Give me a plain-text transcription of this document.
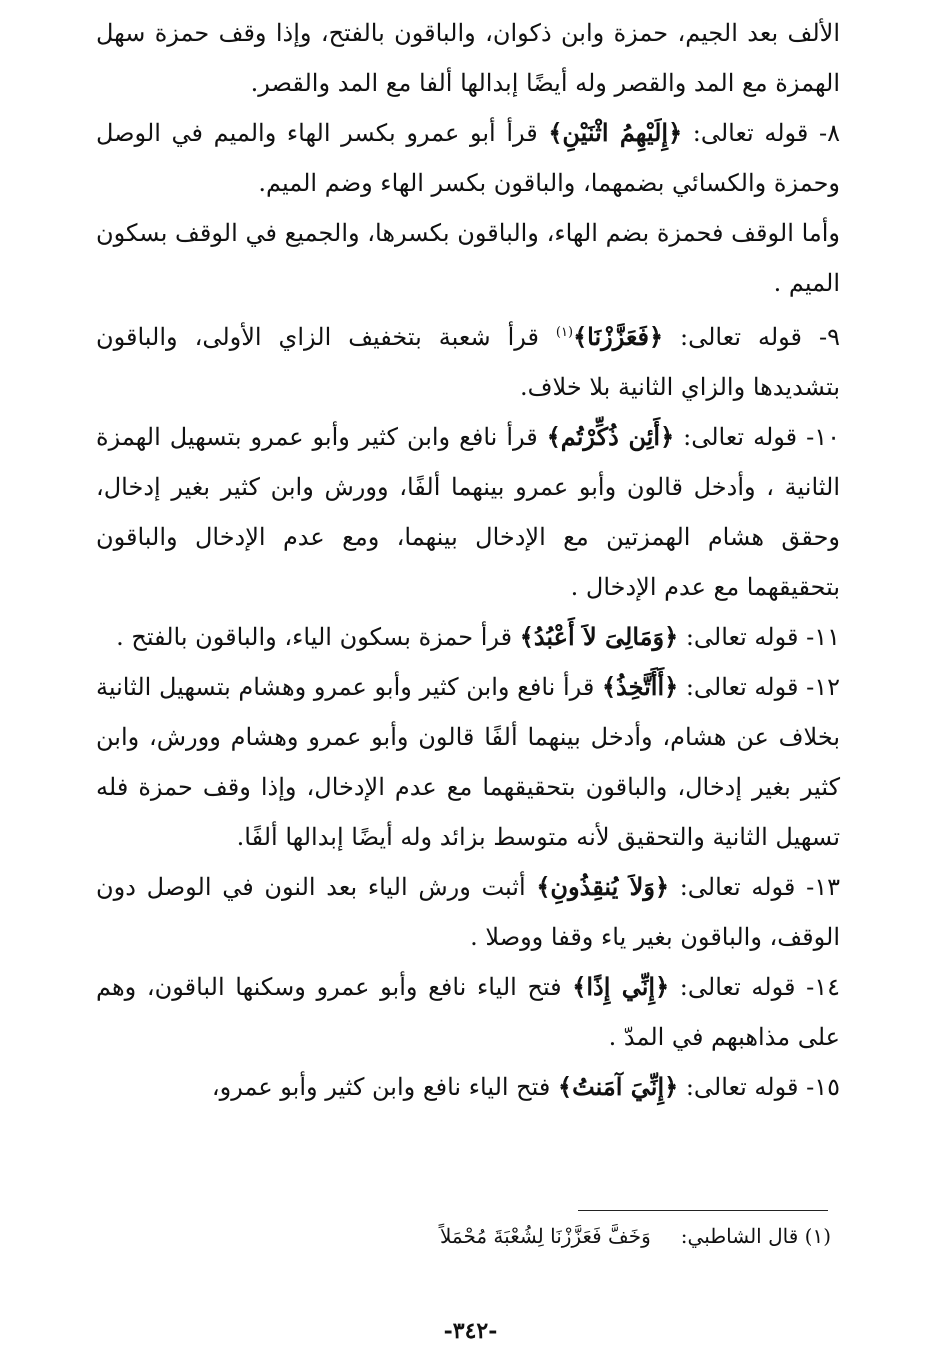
الألف بعد الجيم، حمزة وابن ذكوان، والباقون بالفتح، وإذا وقف حمزة سهل الهمزة مع المد والقصر وله أيضًا إبدالها ألفا مع المد والقصر.

٨- قوله تعالى: ﴿إِلَيْهِمُ اثْنَيْنِ﴾ قرأ أبو عمرو بكسر الهاء والميم في الوصل وحمزة والكسائي بضمهما، والباقون بكسر الهاء وضم الميم.

وأما الوقف فحمزة بضم الهاء، والباقون بكسرها، والجميع في الوقف بسكون الميم .

٩- قوله تعالى: ﴿فَعَزَّزْنَا﴾$^{(١)}$ قرأ شعبة بتخفيف الزاي الأولى، والباقون بتشديدها والزاي الثانية بلا خلاف.

١٠- قوله تعالى: ﴿أَئِن ذُكِّرْتُم﴾ قرأ نافع وابن كثير وأبو عمرو بتسهيل الهمزة الثانية ، وأدخل قالون وأبو عمرو بينهما ألفًا، وورش وابن كثير بغير إدخال، وحقق هشام الهمزتين مع الإدخال بينهما، ومع عدم الإدخال والباقون بتحقيقهما مع عدم الإدخال .

١١- قوله تعالى: ﴿وَمَالِىَ لاَ أَعْبُدُ﴾ قرأ حمزة بسكون الياء، والباقون بالفتح .

١٢- قوله تعالى: ﴿أَأَتَّخِذُ﴾ قرأ نافع وابن كثير وأبو عمرو وهشام بتسهيل الثانية بخلاف عن هشام، وأدخل بينهما ألفًا قالون وأبو عمرو وهشام وورش، وابن كثير بغير إدخال، والباقون بتحقيقهما مع عدم الإدخال، وإذا وقف حمزة فله تسهيل الثانية والتحقيق لأنه متوسط بزائد وله أيضًا إبدالها ألفًا.

١٣- قوله تعالى: ﴿وَلاَ يُنقِذُونِ﴾ أثبت ورش الياء بعد النون في الوصل دون الوقف، والباقون بغير ياء وقفا ووصلا .

١٤- قوله تعالى: ﴿إِنِّي إِذًا﴾ فتح الياء نافع وأبو عمرو وسكنها الباقون، وهم على مذاهبهم في المدّ .

١٥- قوله تعالى: ﴿إِنِّيَ آمَنتُ﴾ فتح الياء نافع وابن كثير وأبو عمرو،

(١) قال الشاطبي:
وَخَفَّ فَعَزَّزْنَا لِشُعْبَةَ مُحْمَلاً
-٣٤٢-
